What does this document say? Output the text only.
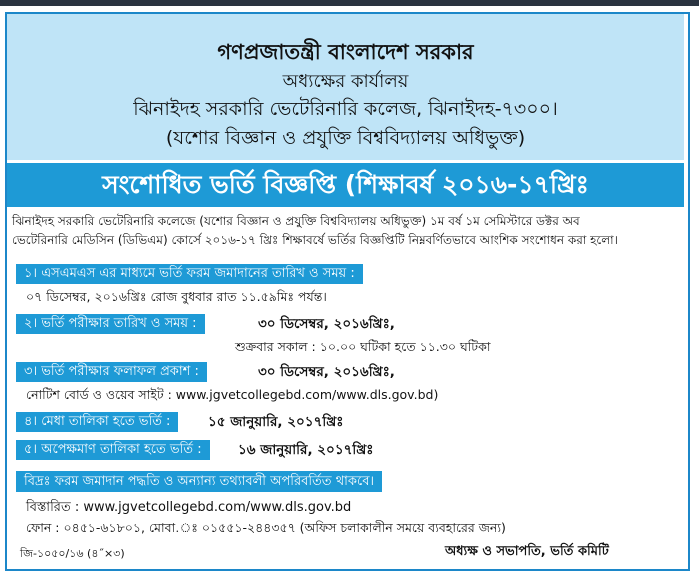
গণপ্রজাতন্ত্রী বাংলাদেশ সরকার
অধ্যক্ষের কার্যালয়
ঝিনাইদহ সরকারি ভেটেরিনারি কলেজ, ঝিনাইদহ-৭৩০০।
(যশোর বিজ্ঞান ও প্রযুক্তি বিশ্ববিদ্যালয় অধিভুক্ত)
সংশোধিত ভর্তি বিজ্ঞপ্তি (শিক্ষাবর্ষ ২০১৬-১৭খ্রিঃ
ঝিনাইদহ সরকারি ভেটেরিনারি কলেজে (যশোর বিজ্ঞান ও প্রযুক্তি বিশ্ববিদ্যালয় অধিভুক্ত) ১ম বর্ষ ১ম সেমিস্টারে ডক্টর অব
ভেটেরিনারি মেডিসিন (ডিভিএম) কোর্সে ২০১৬-১৭ খ্রিঃ শিক্ষাবর্ষে ভর্তির বিজ্ঞপ্তিটি নিম্নবর্ণিতভাবে আংশিক সংশোধন করা হলো।
১। এসএমএস এর মাধ্যমে ভর্তি ফরম জমাদানের তারিখ ও সময় :
০৭ ডিসেম্বর, ২০১৬খ্রিঃ রোজ বুধবার রাত ১১.৫৯মিঃ পর্যন্ত।
২। ভর্তি পরীক্ষার তারিখ ও সময় :	৩০ ডিসেম্বর, ২০১৬খ্রিঃ,
শুক্রবার সকাল : ১০.০০ ঘটিকা হতে ১১.৩০ ঘটিকা
৩। ভর্তি পরীক্ষার ফলাফল প্রকাশ :	৩০ ডিসেম্বর, ২০১৬খ্রিঃ,
নোটিশ বোর্ড ও ওয়েব সাইট : www.jgvetcollegebd.com/www.dls.gov.bd)
৪। মেধা তালিকা হতে ভর্তি :	১৫ জানুয়ারি, ২০১৭খ্রিঃ
৫। অপেক্ষমাণ তালিকা হতে ভর্তি :	১৬ জানুয়ারি, ২০১৭খ্রিঃ
বিদ্রঃ ফরম জমাদান পদ্ধতি ও অন্যান্য তথ্যাবলী অপরিবর্তিত থাকবে।
বিস্তারিত : www.jgvetcollegebd.com/www.dls.gov.bd
ফোন : ০৪৫১-৬১৮০১, মোবা.ঃ ০১৫৫১-২৪৪৩৫৭ (অফিস চলাকালীন সময়ে ব্যবহারের জন্য)
জি-১০৫০/১৬ (৪˝×৩)	অধ্যক্ষ ও সভাপতি, ভর্তি কমিটি
